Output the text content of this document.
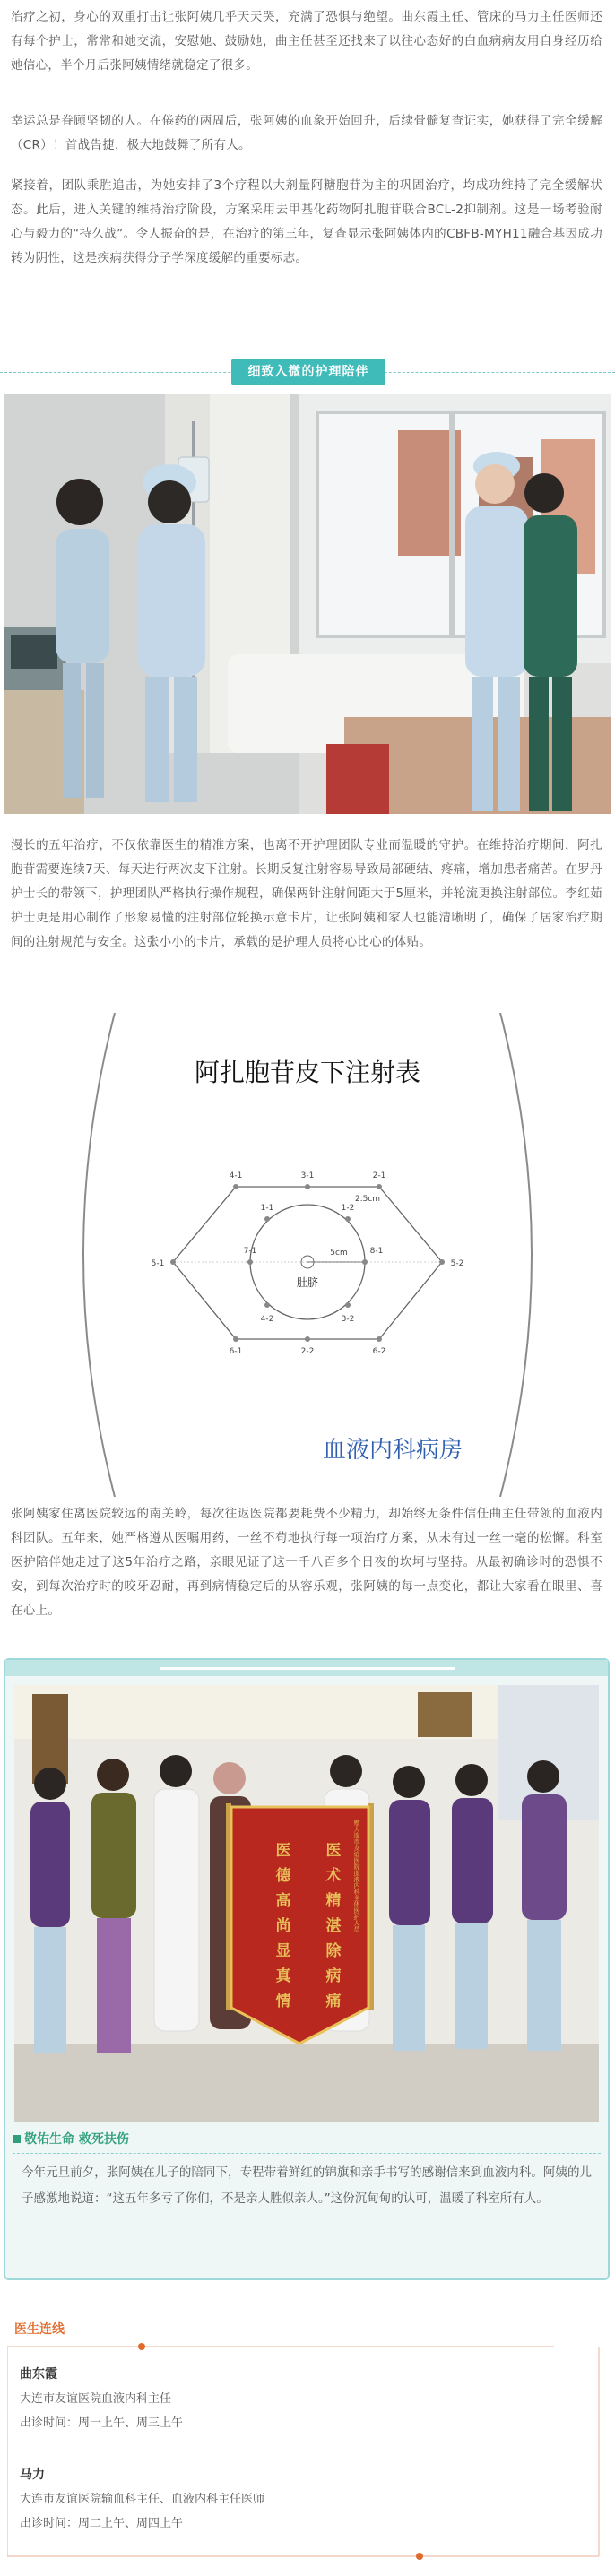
治疗之初，身心的双重打击让张阿姨几乎天天哭，充满了恐惧与绝望。曲东霞主任、管床的马力主任医师还有每个护士，常常和她交流，安慰她、鼓励她，曲主任甚至还找来了以往心态好的白血病病友用自身经历给她信心，半个月后张阿姨情绪就稳定了很多。

幸运总是眷顾坚韧的人。在倦药的两周后，张阿姨的血象开始回升，后续骨髓复查证实，她获得了完全缓解（CR）！首战告捷，极大地鼓舞了所有人。

紧接着，团队乘胜追击，为她安排了3个疗程以大剂量阿糖胞苷为主的巩固治疗，均成功维持了完全缓解状态。此后，进入关键的维持治疗阶段，方案采用去甲基化药物阿扎胞苷联合BCL-2抑制剂。这是一场考验耐心与毅力的“持久战”。令人振奋的是，在治疗的第三年，复查显示张阿姨体内的CBFB-MYH11融合基因成功转为阴性，这是疾病获得分子学深度缓解的重要标志。

细致入微的护理陪伴

漫长的五年治疗，不仅依靠医生的精准方案，也离不开护理团队专业而温暖的守护。在维持治疗期间，阿扎胞苷需要连续7天、每天进行两次皮下注射。长期反复注射容易导致局部硬结、疼痛，增加患者痛苦。在罗丹护士长的带领下，护理团队严格执行操作规程，确保两针注射间距大于5厘米，并轮流更换注射部位。李红茹护士更是用心制作了形象易懂的注射部位轮换示意卡片，让张阿姨和家人也能清晰明了，确保了居家治疗期间的注射规范与安全。这张小小的卡片，承载的是护理人员将心比心的体贴。

阿扎胞苷皮下注射表
肚脐
5cm
4-1	3-1	2-1
5-1
1-1
5-2
1-2
6-1	6-2
4-2	3-2
2-2
7-1	8-1
2.5cm
血液内科病房

张阿姨家住离医院较远的南关岭，每次往返医院都要耗费不少精力，却始终无条件信任曲主任带领的血液内科团队。五年来，她严格遵从医嘱用药，一丝不苟地执行每一项治疗方案，从未有过一丝一毫的松懈。科室医护陪伴她走过了这5年治疗之路，亲眼见证了这一千八百多个日夜的坎坷与坚持。从最初确诊时的恐惧不安，到每次治疗时的咬牙忍耐，再到病情稳定后的从容乐观，张阿姨的每一点变化，都让大家看在眼里、喜在心上。

医
术
精
湛
除
病
痛
医
德
高
尚
显
真
情
赠大连市友谊医院血液内科全体医护人员
敬佑生命 救死扶伤

今年元旦前夕，张阿姨在儿子的陪同下，专程带着鲜红的锦旗和亲手书写的感谢信来到血液内科。阿姨的儿子感激地说道：“这五年多亏了你们，不是亲人胜似亲人。”这份沉甸甸的认可，温暖了科室所有人。

医生连线
曲东霞
大连市友谊医院血液内科主任
出诊时间：周一上午、周三上午
马力
大连市友谊医院输血科主任、血液内科主任医师
出诊时间：周二上午、周四上午
